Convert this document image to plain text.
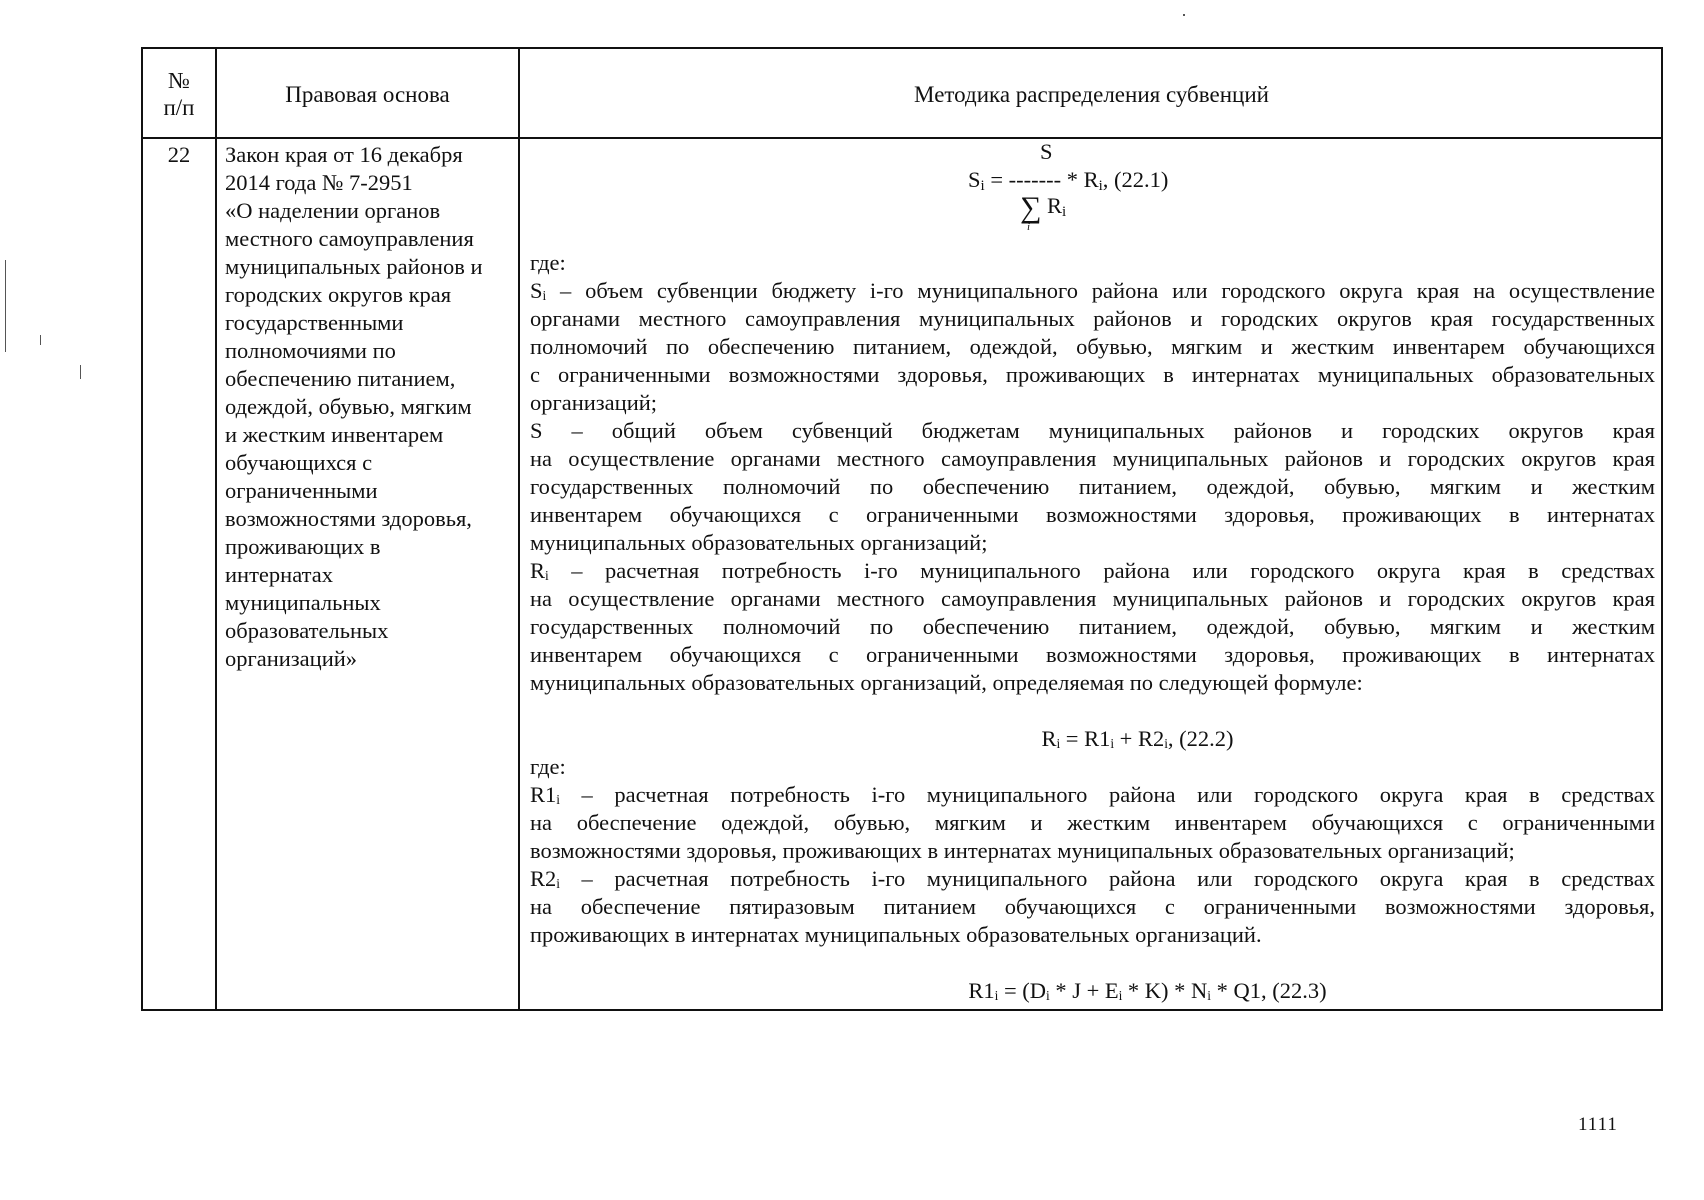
№
п/п
Правовая основа	Методика распределения субвенций
22	Закон края от 16 декабря
2014 года № 7-2951
«О наделении органов
местного самоуправления
муниципальных районов и
городских округов края
государственными
полномочиями по
обеспечению питанием,
одеждой, обувью, мягким
и жестким инвентарем
обучающихся с
ограниченными
возможностями здоровья,
проживающих в
интернатах
муниципальных
образовательных
организаций»
S
$S_i$ = ------- * $R_i$, (22.1)
∑ $R_i$
i
где:
Sᵢ – объем субвенции бюджету i-го муниципального района или городского округа края на осуществление
органами местного самоуправления муниципальных районов и городских округов края государственных
полномочий по обеспечению питанием, одеждой, обувью, мягким и жестким инвентарем обучающихся
с ограниченными возможностями здоровья, проживающих в интернатах муниципальных образовательных
организаций;
S – общий объем субвенций бюджетам муниципальных районов и городских округов края
на осуществление органами местного самоуправления муниципальных районов и городских округов края
государственных полномочий по обеспечению питанием, одеждой, обувью, мягким и жестким
инвентарем обучающихся с ограниченными возможностями здоровья, проживающих в интернатах
муниципальных образовательных организаций;
Rᵢ – расчетная потребность i-го муниципального района или городского округа края в средствах
на осуществление органами местного самоуправления муниципальных районов и городских округов края
государственных полномочий по обеспечению питанием, одеждой, обувью, мягким и жестким
инвентарем обучающихся с ограниченными возможностями здоровья, проживающих в интернатах
муниципальных образовательных организаций, определяемая по следующей формуле:
Rᵢ = R1ᵢ + R2ᵢ, (22.2)
где:
R1ᵢ – расчетная потребность i-го муниципального района или городского округа края в средствах
на обеспечение одеждой, обувью, мягким и жестким инвентарем обучающихся с ограниченными
возможностями здоровья, проживающих в интернатах муниципальных образовательных организаций;
R2ᵢ – расчетная потребность i-го муниципального района или городского округа края в средствах
на обеспечение пятиразовым питанием обучающихся с ограниченными возможностями здоровья,
проживающих в интернатах муниципальных образовательных организаций.
R1ᵢ = (Dᵢ * J + Eᵢ * K) * Nᵢ * Q1, (22.3)
1111
